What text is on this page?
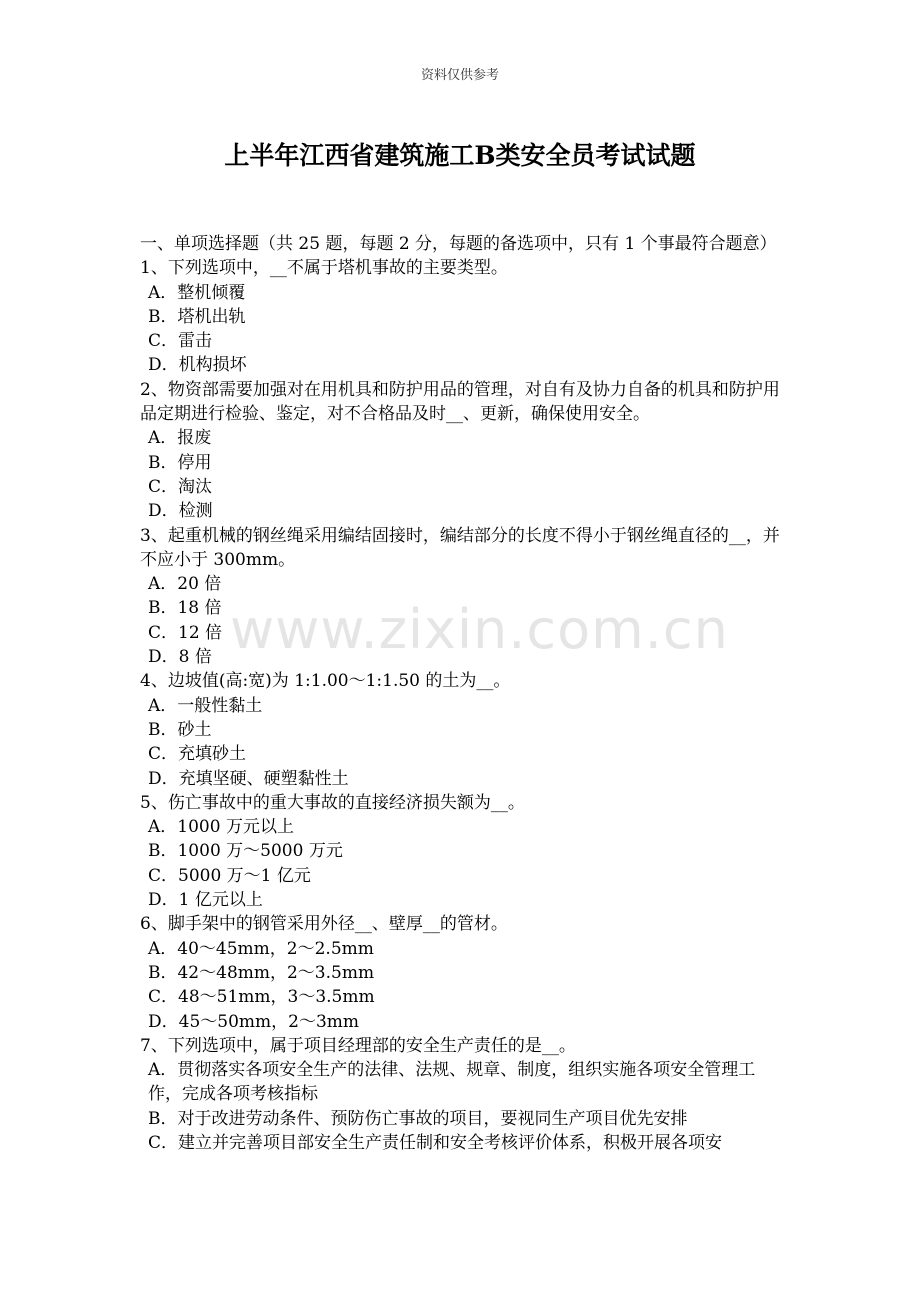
资料仅供参考
上半年江西省建筑施工B类安全员考试试题
一、单项选择题（共 25 题，每题 2 分，每题的备选项中，只有 1 个事最符合题意）
1、下列选项中，__不属于塔机事故的主要类型。
A．整机倾覆
B．塔机出轨
C．雷击
D．机构损坏
2、物资部需要加强对在用机具和防护用品的管理，对自有及协力自备的机具和防护用品定期进行检验、鉴定，对不合格品及时__、更新，确保使用安全。
A．报废
B．停用
C．淘汰
D．检测
3、起重机械的钢丝绳采用编结固接时，编结部分的长度不得小于钢丝绳直径的__，并不应小于 300mm。
A．20 倍
B．18 倍
C．12 倍
D．8 倍
4、边坡值(高:宽)为 1:1.00～1:1.50 的土为__。
A．一般性黏土
B．砂土
C．充填砂土
D．充填坚硬、硬塑黏性土
5、伤亡事故中的重大事故的直接经济损失额为__。
A．1000 万元以上
B．1000 万～5000 万元
C．5000 万～1 亿元
D．1 亿元以上
6、脚手架中的钢管采用外径__、壁厚__的管材。
A．40～45mm，2～2.5mm
B．42～48mm，2～3.5mm
C．48～51mm，3～3.5mm
D．45～50mm，2～3mm
7、下列选项中，属于项目经理部的安全生产责任的是__。
A．贯彻落实各项安全生产的法律、法规、规章、制度，组织实施各项安全管理工作，完成各项考核指标
B．对于改进劳动条件、预防伤亡事故的项目，要视同生产项目优先安排
C．建立并完善项目部安全生产责任制和安全考核评价体系，积极开展各项安
www.zixin.com.cn
